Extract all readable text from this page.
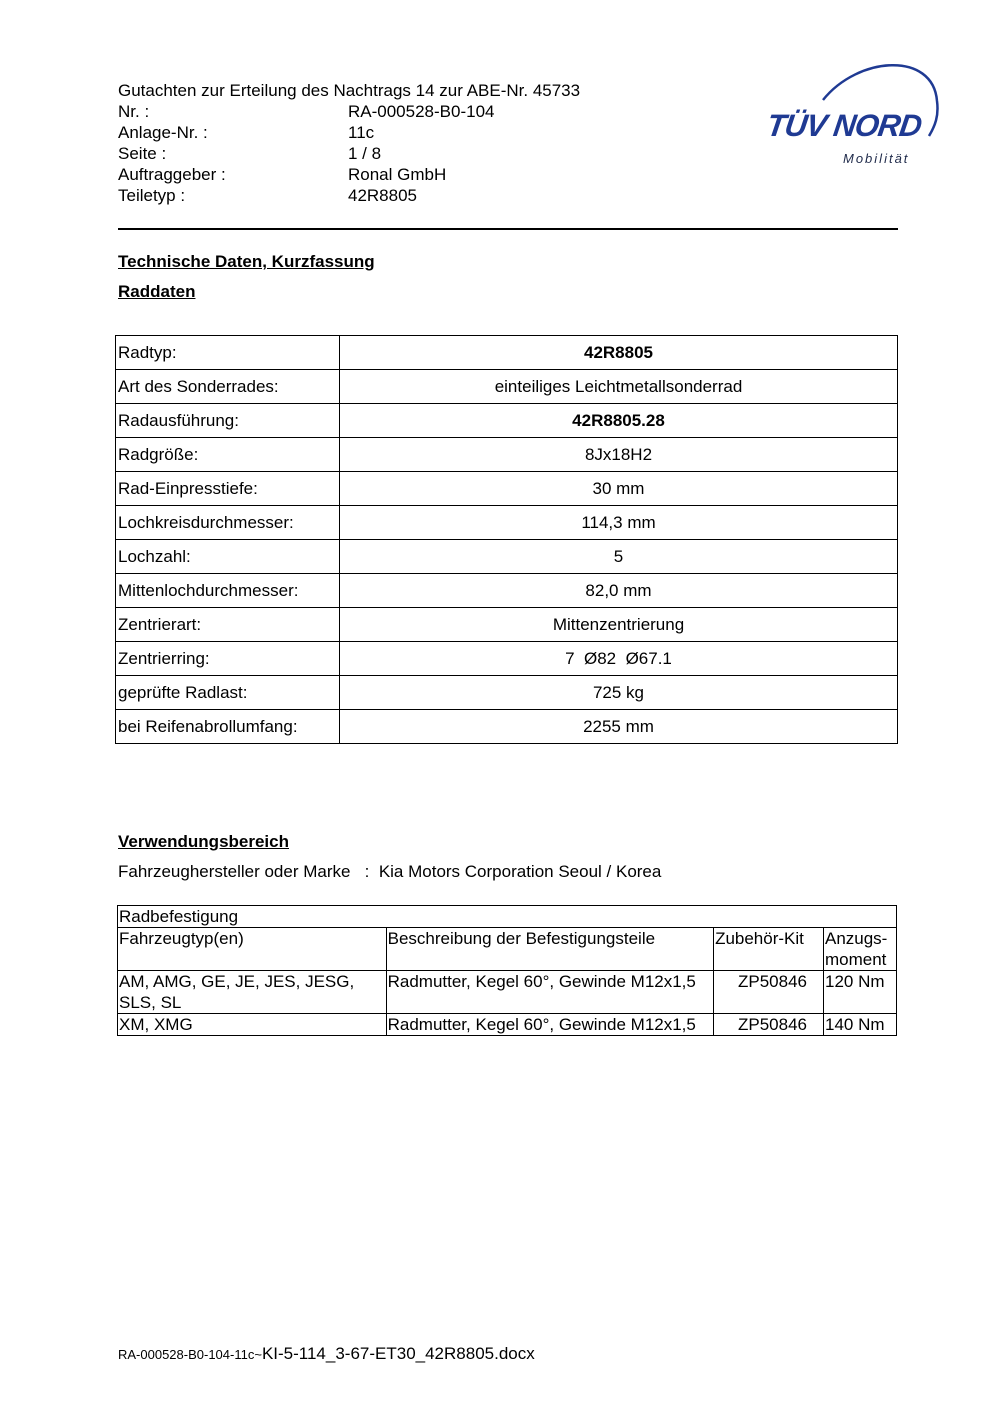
Gutachten zur Erteilung des Nachtrags 14 zur ABE-Nr. 45733
Nr. :	RA-000528-B0-104
Anlage-Nr. :	11c
Seite :	1 / 8
Auftraggeber :	Ronal GmbH
Teiletyp :	42R8805
TÜV NORD
Mobilität
Technische Daten, Kurzfassung
Raddaten
Radtyp:	42R8805
Art des Sonderrades:	einteiliges Leichtmetallsonderrad
Radausführung:	42R8805.28
Radgröße:	8Jx18H2
Rad-Einpresstiefe:	30 mm
Lochkreisdurchmesser:	114,3 mm
Lochzahl:	5
Mittenlochdurchmesser:	82,0 mm
Zentrierart:	Mittenzentrierung
Zentrierring:	7  Ø82  Ø67.1
geprüfte Radlast:	725 kg
bei Reifenabrollumfang:	2255 mm
Verwendungsbereich
Fahrzeughersteller oder Marke : Kia Motors Corporation Seoul / Korea
Radbefestigung			
Fahrzeugtyp(en)	Beschreibung der Befestigungsteile	Zubehör-Kit	Anzugs-
moment
AM, AMG, GE, JE, JES, JESG, SLS, SL	Radmutter, Kegel 60°, Gewinde M12x1,5	ZP50846	120 Nm
XM, XMG	Radmutter, Kegel 60°, Gewinde M12x1,5	ZP50846	140 Nm
RA-000528-B0-104-11c~KI-5-114_3-67-ET30_42R8805.docx
